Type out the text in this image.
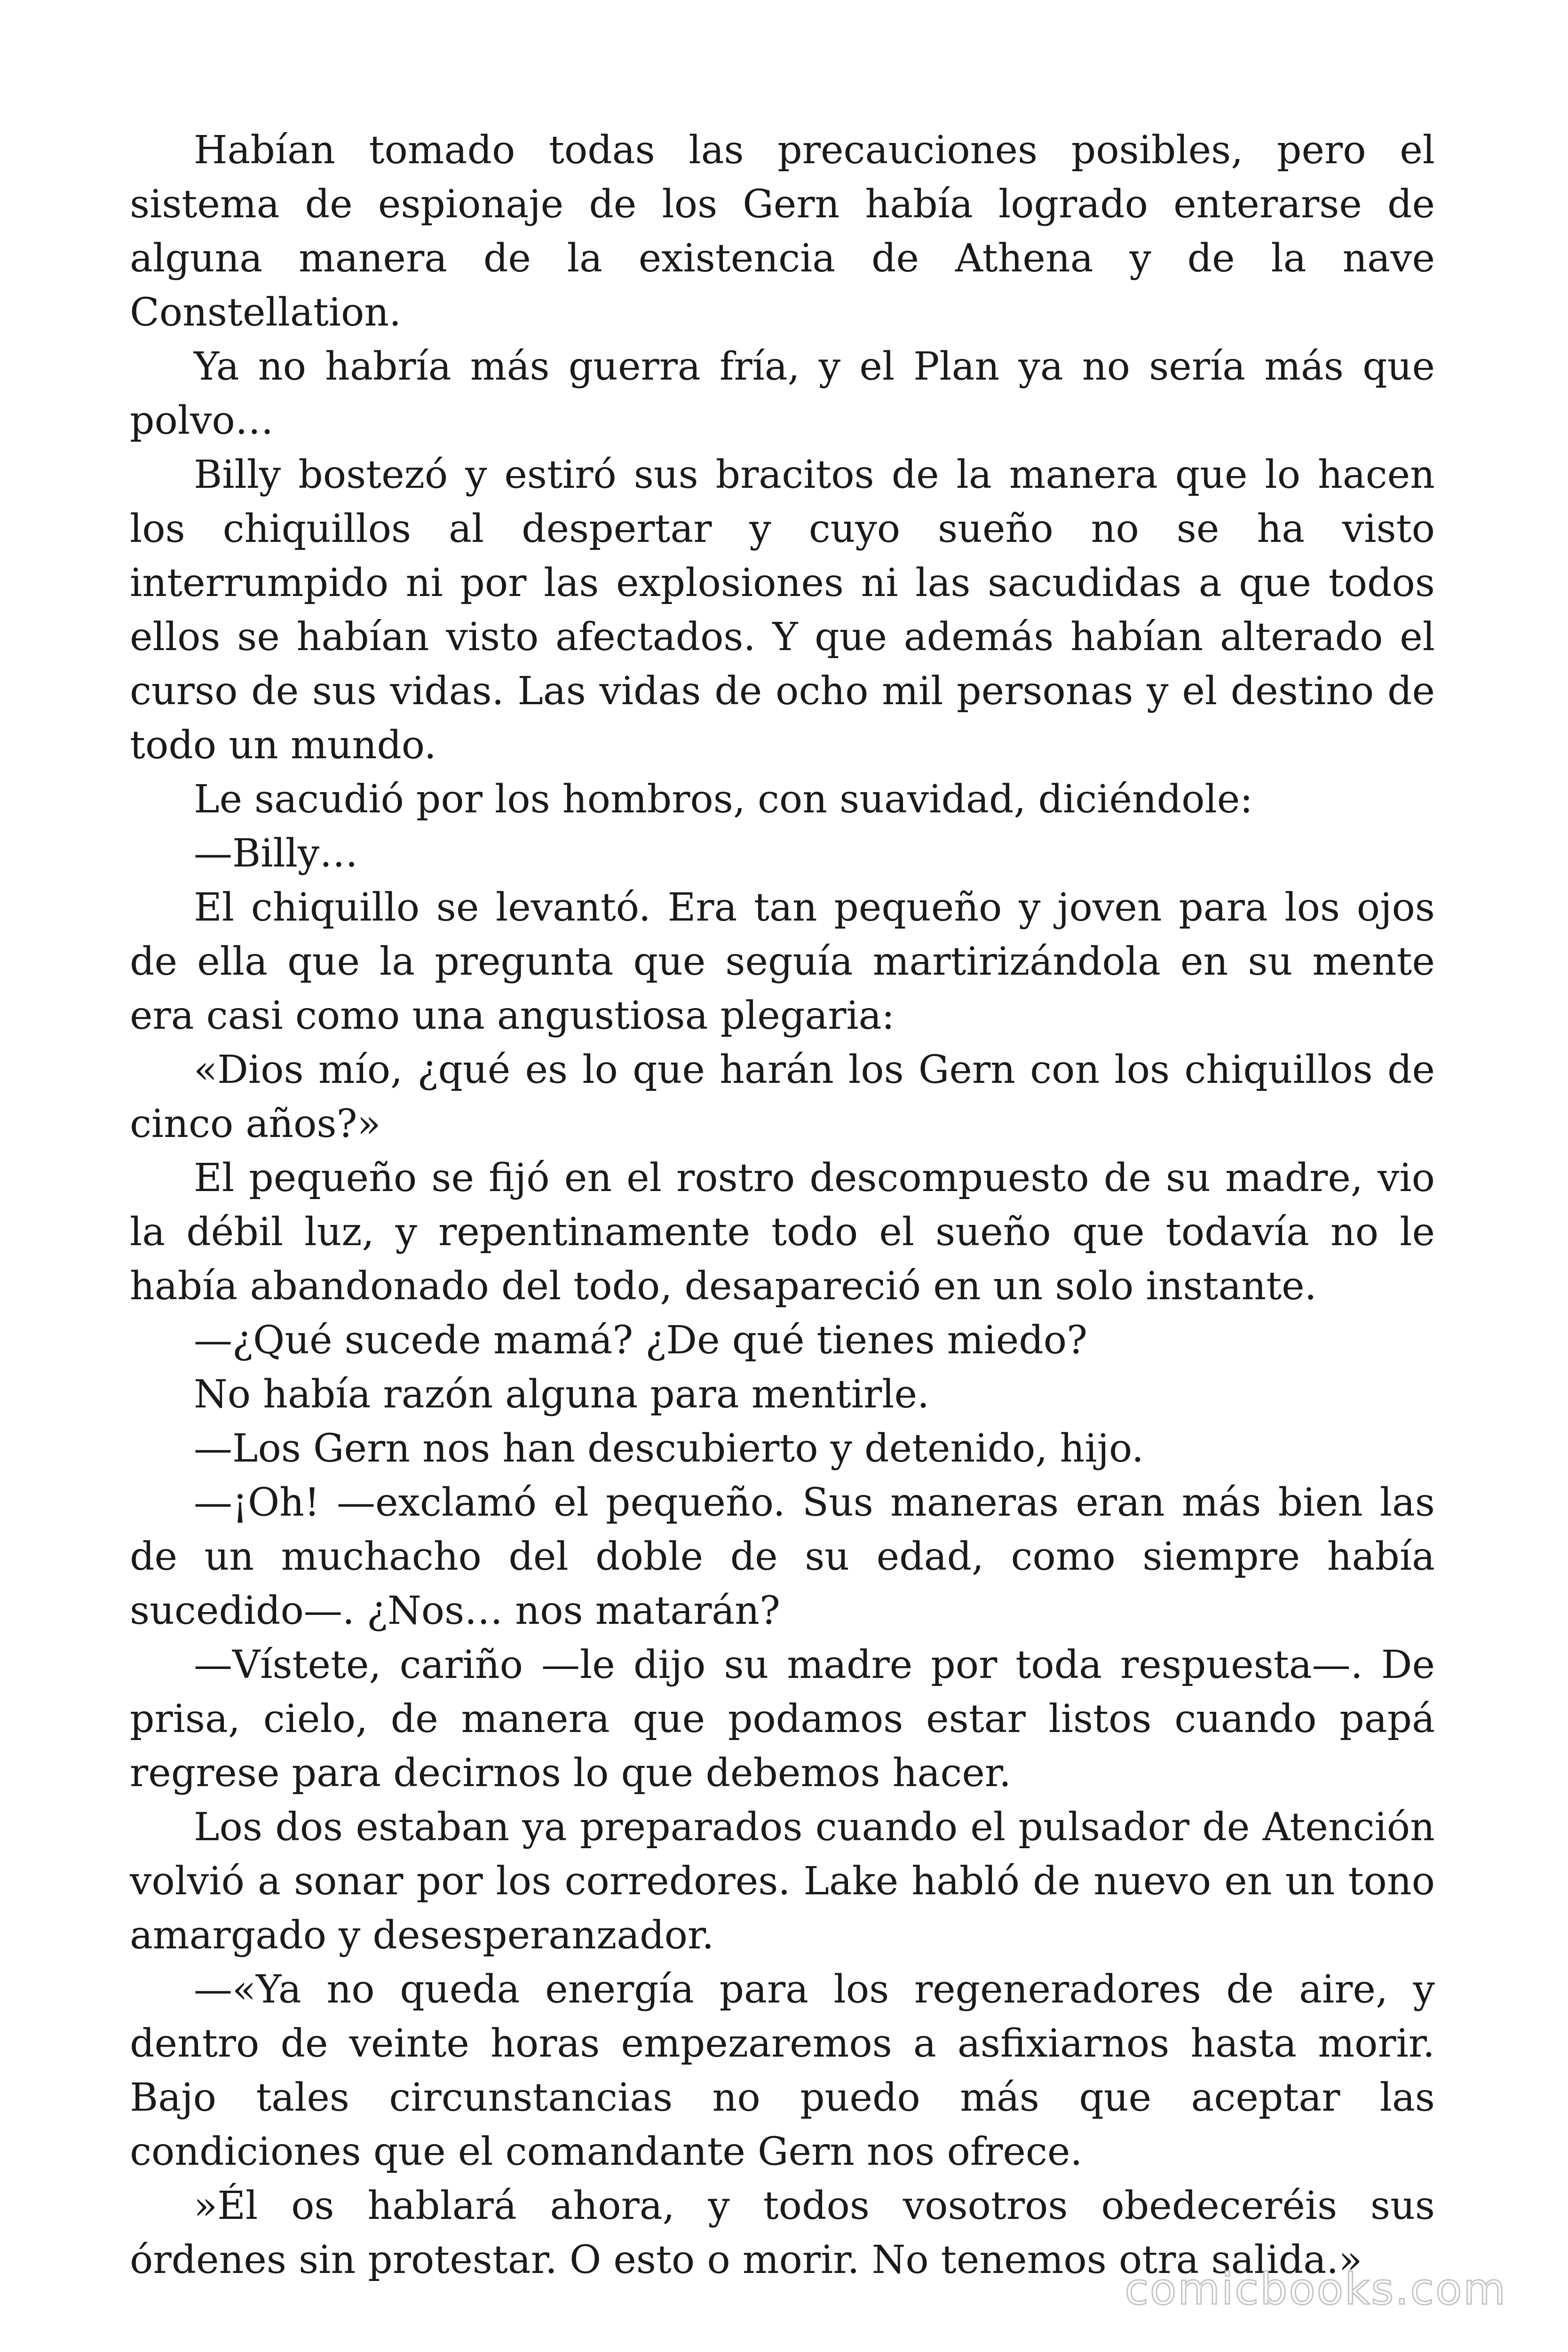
Habían tomado todas las precauciones posibles, pero el sistema de espionaje de los Gern había logrado enterarse de alguna manera de la existencia de Athena y de la nave Constellation.

Ya no habría más guerra fría, y el Plan ya no sería más que polvo…

Billy bostezó y estiró sus bracitos de la manera que lo hacen los chiquillos al despertar y cuyo sueño no se ha visto interrumpido ni por las explosiones ni las sacudidas a que todos ellos se habían visto afectados. Y que además habían alterado el curso de sus vidas. Las vidas de ocho mil personas y el destino de todo un mundo.

Le sacudió por los hombros, con suavidad, diciéndole:

—Billy…

El chiquillo se levantó. Era tan pequeño y joven para los ojos de ella que la pregunta que seguía martirizándola en su mente era casi como una angustiosa plegaria:

«Dios mío, ¿qué es lo que harán los Gern con los chiquillos de cinco años?»

El pequeño se fijó en el rostro descompuesto de su madre, vio la débil luz, y repentinamente todo el sueño que todavía no le había abandonado del todo, desapareció en un solo instante.

—¿Qué sucede mamá? ¿De qué tienes miedo?

No había razón alguna para mentirle.

—Los Gern nos han descubierto y detenido, hijo.

—¡Oh! —exclamó el pequeño. Sus maneras eran más bien las de un muchacho del doble de su edad, como siempre había sucedido—. ¿Nos… nos matarán?

—Vístete, cariño —le dijo su madre por toda respuesta—. De prisa, cielo, de manera que podamos estar listos cuando papá regrese para decirnos lo que debemos hacer.

Los dos estaban ya preparados cuando el pulsador de Atención volvió a sonar por los corredores. Lake habló de nuevo en un tono amargado y desesperanzador.

—«Ya no queda energía para los regeneradores de aire, y dentro de veinte horas empezaremos a asfixiarnos hasta morir. Bajo tales circunstancias no puedo más que aceptar las condiciones que el comandante Gern nos ofrece.

»Él os hablará ahora, y todos vosotros obedeceréis sus órdenes sin protestar. O esto o morir. No tenemos otra salida.»

comicbooks.com
